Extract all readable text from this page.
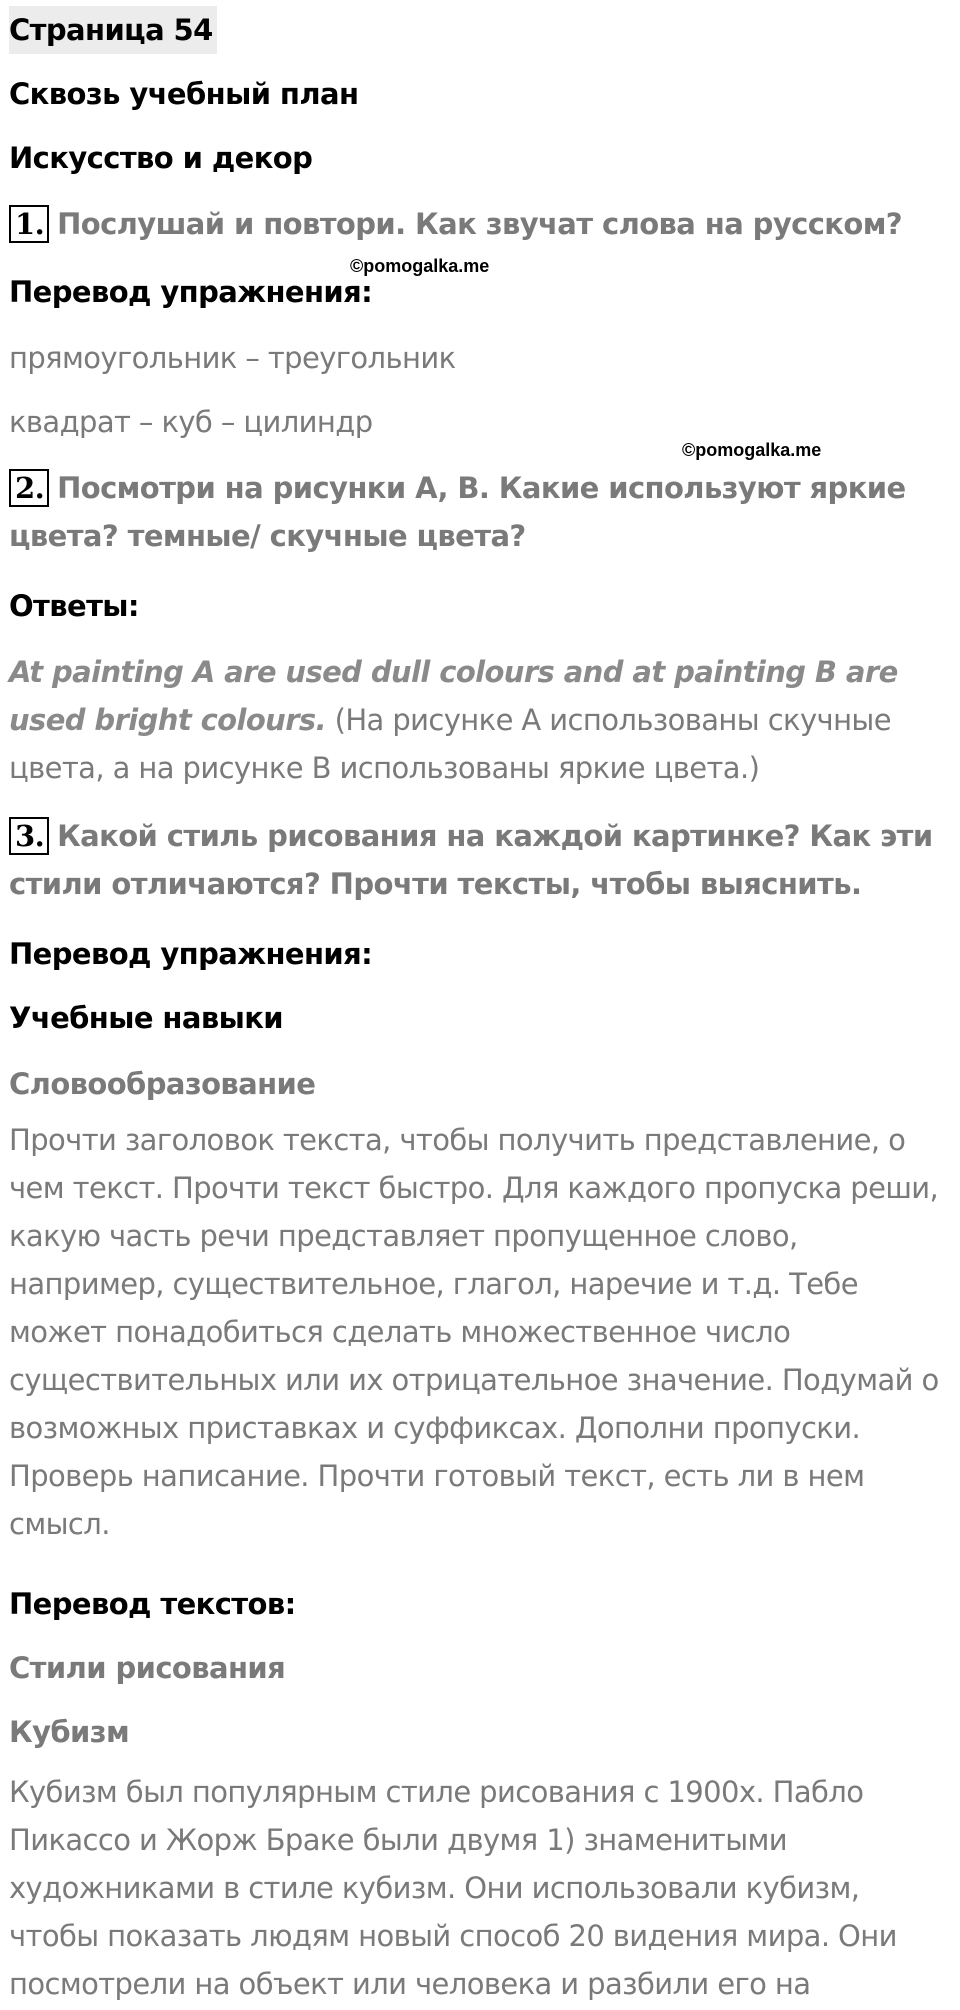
Страница 54
Сквозь учебный план
Искусство и декор
1. Послушай и повтори. Как звучат слова на русском?
©pomogalka.me
Перевод упражнения:
прямоугольник – треугольник
квадрат – куб – цилиндр
©pomogalka.me
2. Посмотри на рисунки A, B. Какие используют яркие цвета? темные/ скучные цвета?
Ответы:
At painting A are used dull colours and at painting B are used bright colours. (На рисунке А использованы скучные цвета, а на рисунке В использованы яркие цвета.)
3. Какой стиль рисования на каждой картинке? Как эти стили отличаются? Прочти тексты, чтобы выяснить.
Перевод упражнения:
Учебные навыки
Словообразование
Прочти заголовок текста, чтобы получить представление, о чем текст. Прочти текст быстро. Для каждого пропуска реши, какую часть речи представляет пропущенное слово, например, существительное, глагол, наречие и т.д. Тебе может понадобиться сделать множественное число существительных или их отрицательное значение. Подумай о возможных приставках и суффиксах. Дополни пропуски. Проверь написание. Прочти готовый текст, есть ли в нем смысл.
Перевод текстов:
Стили рисования
Кубизм
Кубизм был популярным стиле рисования с 1900х. Пабло Пикассо и Жорж Браке были двумя 1) знаменитыми художниками в стиле кубизм. Они использовали кубизм, чтобы показать людям новый способ 20 видения мира. Они посмотрели на объект или человека и разбили его на
